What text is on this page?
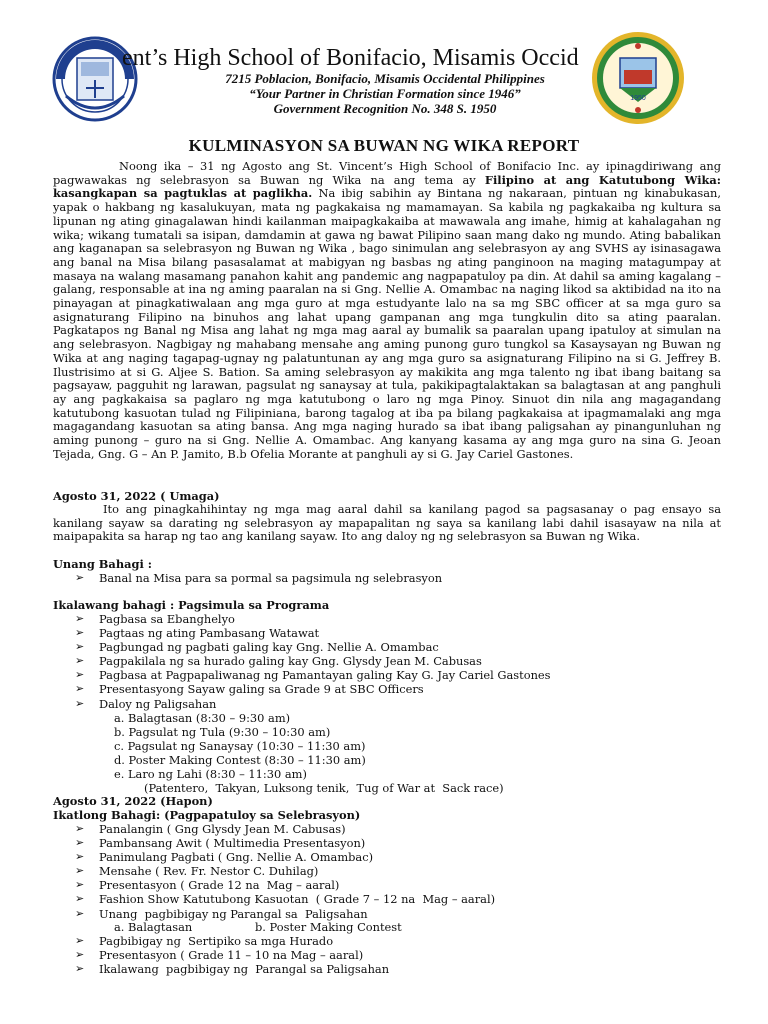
ent’s High School of Bonifacio, Misamis Occid
7215 Poblacion, Bonifacio, Misamis Occidental Philippines
“Your Partner in Christian Formation since 1946”
Government Recognition No. 348 S. 1950
1950
KULMINASYON SA BUWAN NG WIKA REPORT
Noong ika – 31 ng Agosto ang St. Vincent’s High School of Bonifacio Inc. ay ipinagdiriwang ang pagwawakas ng selebrasyon sa Buwan ng Wika na ang tema ay Filipino at ang Katutubong Wika: kasangkapan sa pagtuklas at paglikha. Na ibig sabihin ay Bintana ng nakaraan, pintuan ng kinabukasan, yapak o hakbang ng kasalukuyan, mata ng pagkakaisa ng mamamayan. Sa kabila ng pagkakaiba ng kultura sa lipunan ng ating ginagalawan hindi kailanman maipagkakaiba at mawawala ang imahe, himig at kahalagahan ng wika; wikang tumatali sa isipan, damdamin at gawa ng bawat Pilipino saan mang dako ng mundo. Ating babalikan ang kaganapan sa selebrasyon ng Buwan ng Wika , bago sinimulan ang selebrasyon ay ang SVHS ay isinasagawa ang banal na Misa bilang pasasalamat at mabigyan ng basbas ng ating panginoon na maging matagumpay at masaya na walang masamang panahon kahit ang pandemic ang nagpapatuloy pa din. At dahil sa aming kagalang – galang, responsable at ina ng aming paaralan na si Gng. Nellie A. Omambac na naging likod sa aktibidad na ito na pinayagan at pinagkatiwalaan ang mga guro at mga estudyante lalo na sa mg SBC officer at sa mga guro sa asignaturang Filipino na binuhos ang lahat upang gampanan ang mga tungkulin dito sa ating paaralan. Pagkatapos ng Banal ng Misa ang lahat ng mga mag aaral ay bumalik sa paaralan upang ipatuloy at simulan na ang selebrasyon. Nagbigay ng mahabang mensahe ang aming punong guro tungkol sa Kasaysayan ng Buwan ng Wika at ang naging tagapag-ugnay ng palatuntunan ay ang mga guro sa asignaturang Filipino na si G. Jeffrey B. Ilustrisimo at si G. Aljee S. Bation. Sa aming selebrasyon ay makikita ang mga talento ng ibat ibang baitang sa pagsayaw, pagguhit ng larawan, pagsulat ng sanaysay at tula, pakikipagtalaktakan sa balagtasan at ang panghuli ay ang pagkakaisa sa paglaro ng mga katutubong o laro ng mga Pinoy. Sinuot din nila ang magagandang katutubong kasuotan tulad ng Filipiniana, barong tagalog at iba pa bilang pagkakaisa at ipagmamalaki ang mga magagandang kasuotan sa ating bansa. Ang mga naging hurado sa ibat ibang paligsahan ay pinangunluhan ng aming punong – guro na si Gng. Nellie A. Omambac. Ang kanyang kasama ay ang mga guro na sina G. Jeoan Tejada, Gng. G – An P. Jamito, B.b Ofelia Morante at panghuli ay si G. Jay Cariel Gastones.
Agosto 31, 2022 ( Umaga)
Ito ang pinagkahihintay ng mga mag aaral dahil sa kanilang pagod sa pagsasanay o pag ensayo sa kanilang sayaw sa darating ng selebrasyon ay mapapalitan ng saya sa kanilang labi dahil isasayaw na nila at maipapakita sa harap ng tao ang kanilang sayaw. Ito ang daloy ng ng selebrasyon sa Buwan ng Wika.
Unang Bahagi :
➢ Banal na Misa para sa pormal sa pagsimula ng selebrasyon
Ikalawang bahagi : Pagsimula sa Programa
➢ Pagbasa sa Ebanghelyo
➢ Pagtaas ng ating Pambasang Watawat
➢ Pagbungad ng pagbati galing kay Gng. Nellie A. Omambac
➢ Pagpakilala ng sa hurado galing kay Gng. Glysdy Jean M. Cabusas
➢ Pagbasa at Pagpapaliwanag ng Pamantayan galing Kay G. Jay Cariel Gastones
➢ Presentasyong Sayaw galing sa Grade 9 at SBC Officers
➢ Daloy ng Paligsahan
a. Balagtasan (8:30 – 9:30 am)
b. Pagsulat ng Tula (9:30 – 10:30 am)
c. Pagsulat ng Sanaysay (10:30 – 11:30 am)
d. Poster Making Contest (8:30 – 11:30 am)
e. Laro ng Lahi (8:30 – 11:30 am)
(Patentero,  Takyan, Luksong tenik,  Tug of War at  Sack race)
Agosto 31, 2022 (Hapon)
Ikatlong Bahagi: (Pagpapatuloy sa Selebrasyon)
➢ Panalangin ( Gng Glysdy Jean M. Cabusas)
➢ Pambansang Awit ( Multimedia Presentasyon)
➢ Panimulang Pagbati ( Gng. Nellie A. Omambac)
➢ Mensahe ( Rev. Fr. Nestor C. Duhilag)
➢ Presentasyon ( Grade 12 na  Mag – aaral)
➢ Fashion Show Katutubong Kasuotan  ( Grade 7 – 12 na  Mag – aaral)
➢ Unang  pagbibigay ng Parangal sa  Paligsahan
a. Balagtasan	b. Poster Making Contest
➢ Pagbibigay ng  Sertipiko sa mga Hurado
➢ Presentasyon ( Grade 11 – 10 na Mag – aaral)
➢ Ikalawang  pagbibigay ng  Parangal sa Paligsahan
